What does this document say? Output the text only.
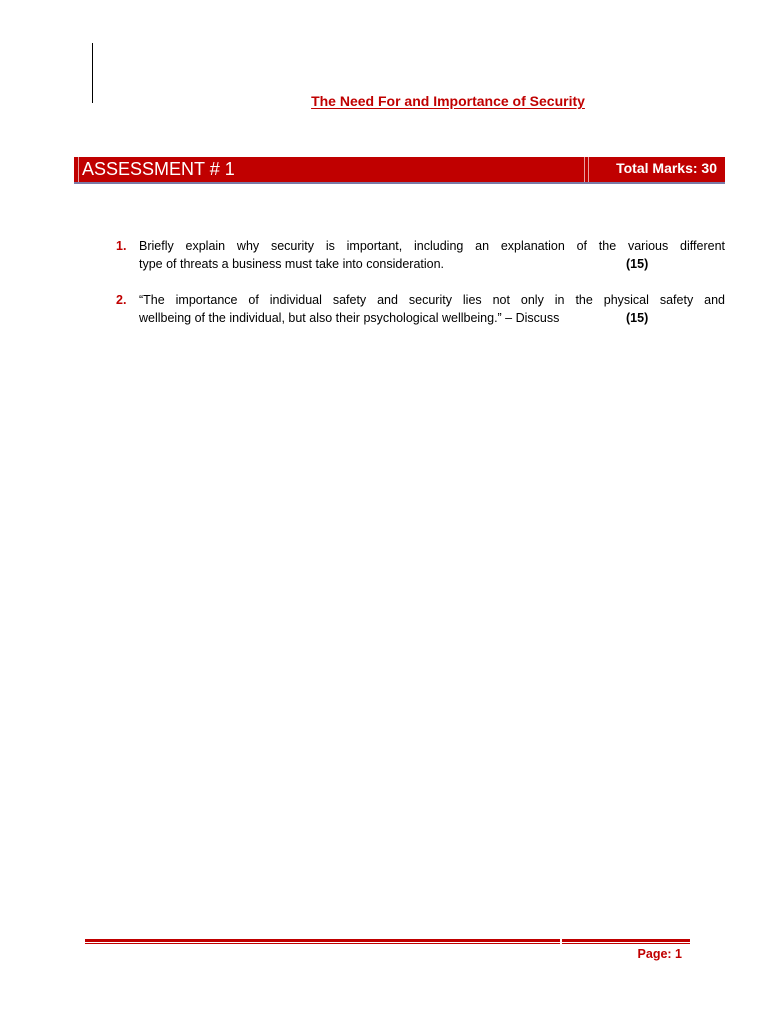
The Need For and Importance of Security
ASSESSMENT # 1	Total Marks: 30
1.	Briefly explain why security is important, including an explanation of the various different
type of threats a business must take into consideration.	(15)
2.	“The importance of individual safety and security lies not only in the physical safety and
wellbeing of the individual, but also their psychological wellbeing.” – Discuss	(15)
Page: 1
